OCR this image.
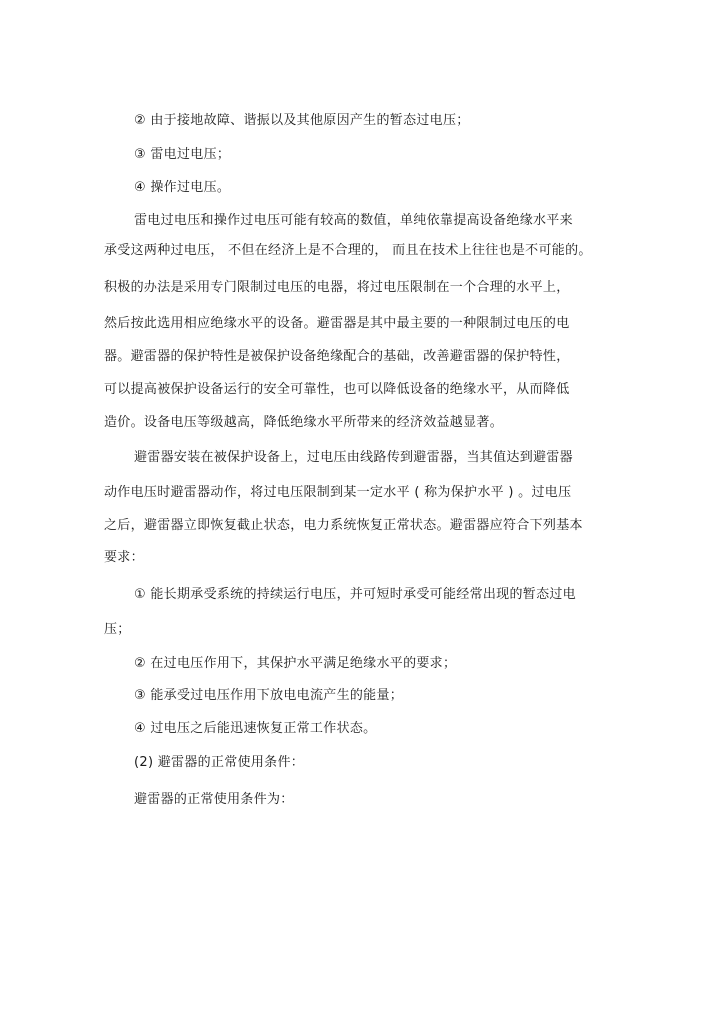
② 由于接地故障、谐振以及其他原因产生的暂态过电压；
③ 雷电过电压；
④ 操作过电压。
雷电过电压和操作过电压可能有较高的数值，单纯依靠提高设备绝缘水平来
承受这两种过电压， 不但在经济上是不合理的， 而且在技术上往往也是不可能的。
积极的办法是采用专门限制过电压的电器，将过电压限制在一个合理的水平上，
然后按此选用相应绝缘水平的设备。避雷器是其中最主要的一种限制过电压的电
器。避雷器的保护特性是被保护设备绝缘配合的基础，改善避雷器的保护特性，
可以提高被保护设备运行的安全可靠性，也可以降低设备的绝缘水平，从而降低
造价。设备电压等级越高，降低绝缘水平所带来的经济效益越显著。
避雷器安装在被保护设备上，过电压由线路传到避雷器，当其值达到避雷器
动作电压时避雷器动作，将过电压限制到某一定水平 ( 称为保护水平 ) 。过电压
之后，避雷器立即恢复截止状态，电力系统恢复正常状态。避雷器应符合下列基本
要求：
① 能长期承受系统的持续运行电压，并可短时承受可能经常出现的暂态过电
压；
② 在过电压作用下，其保护水平满足绝缘水平的要求；
③ 能承受过电压作用下放电电流产生的能量；
④ 过电压之后能迅速恢复正常工作状态。
(2) 避雷器的正常使用条件：
避雷器的正常使用条件为：
